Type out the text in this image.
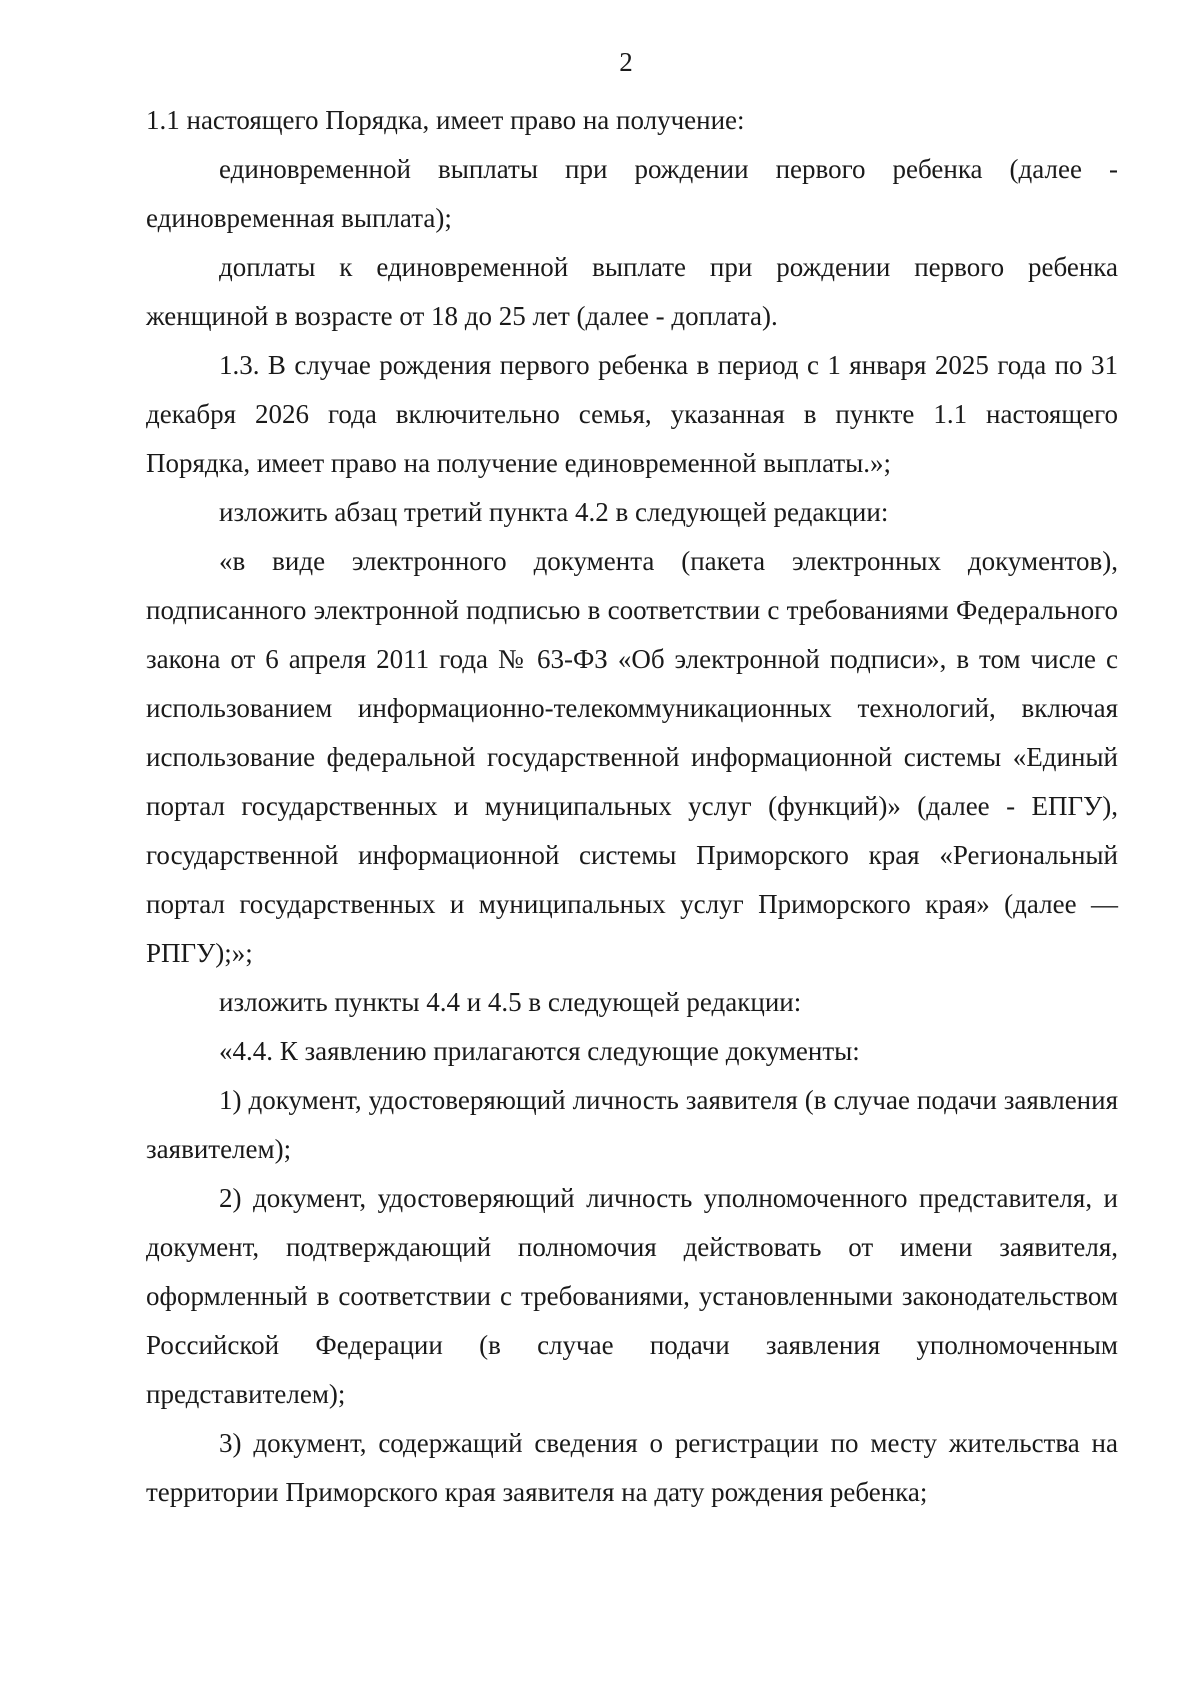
2

1.1 настоящего Порядка, имеет право на получение:

единовременной выплаты при рождении первого ребенка (далее - единовременная выплата);

доплаты к единовременной выплате при рождении первого ребенка женщиной в возрасте от 18 до 25 лет (далее - доплата).

1.3. В случае рождения первого ребенка в период с 1 января 2025 года по 31 декабря 2026 года включительно семья, указанная в пункте 1.1 настоящего Порядка, имеет право на получение единовременной выплаты.»;

изложить абзац третий пункта 4.2 в следующей редакции:

«в виде электронного документа (пакета электронных документов), подписанного электронной подписью в соответствии с требованиями Федерального закона от 6 апреля 2011 года № 63-ФЗ «Об электронной подписи», в том числе с использованием информационно-телекоммуникационных технологий, включая использование федеральной государственной информационной системы «Единый портал государственных и муниципальных услуг (функций)» (далее - ЕПГУ), государственной информационной системы Приморского края «Региональный портал государственных и муниципальных услуг Приморского края» (далее — РПГУ);»;

изложить пункты 4.4 и 4.5 в следующей редакции:

«4.4. К заявлению прилагаются следующие документы:

1) документ, удостоверяющий личность заявителя (в случае подачи заявления заявителем);

2) документ, удостоверяющий личность уполномоченного представителя, и документ, подтверждающий полномочия действовать от имени заявителя, оформленный в соответствии с требованиями, установленными законодательством Российской Федерации (в случае подачи заявления уполномоченным представителем);

3) документ, содержащий сведения о регистрации по месту жительства на территории Приморского края заявителя на дату рождения ребенка;
